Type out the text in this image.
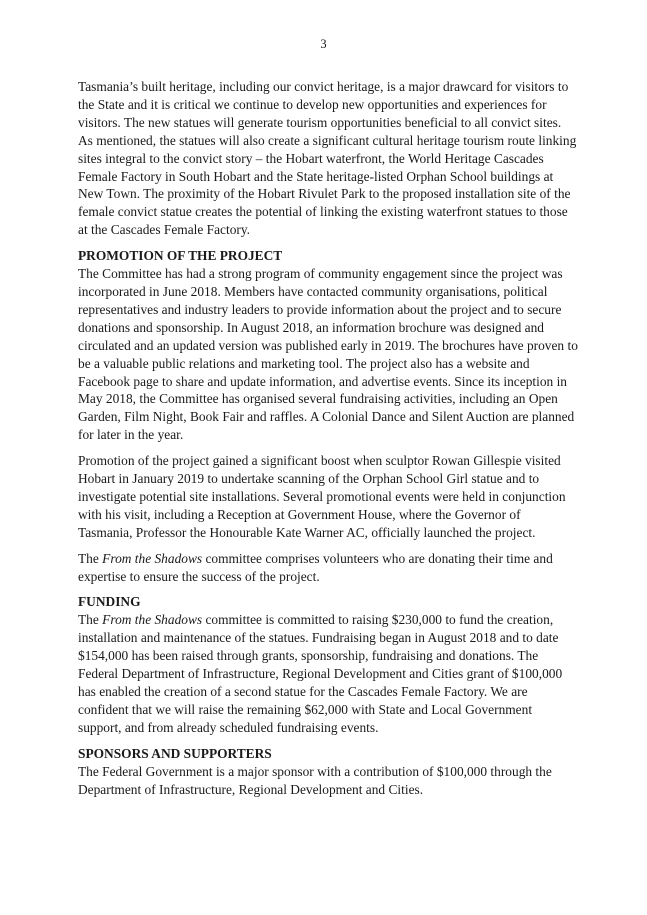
3

Tasmania’s built heritage, including our convict heritage, is a major drawcard for visitors to the State and it is critical we continue to develop new opportunities and experiences for visitors. The new statues will generate tourism opportunities beneficial to all convict sites. As mentioned, the statues will also create a significant cultural heritage tourism route linking sites integral to the convict story – the Hobart waterfront, the World Heritage Cascades Female Factory in South Hobart and the State heritage-listed Orphan School buildings at New Town. The proximity of the Hobart Rivulet Park to the proposed installation site of the female convict statue creates the potential of linking the existing waterfront statues to those at the Cascades Female Factory.

PROMOTION OF THE PROJECT

The Committee has had a strong program of community engagement since the project was incorporated in June 2018. Members have contacted community organisations, political representatives and industry leaders to provide information about the project and to secure donations and sponsorship. In August 2018, an information brochure was designed and circulated and an updated version was published early in 2019. The brochures have proven to be a valuable public relations and marketing tool. The project also has a website and Facebook page to share and update information, and advertise events. Since its inception in May 2018, the Committee has organised several fundraising activities, including an Open Garden, Film Night, Book Fair and raffles. A Colonial Dance and Silent Auction are planned for later in the year.

Promotion of the project gained a significant boost when sculptor Rowan Gillespie visited Hobart in January 2019 to undertake scanning of the Orphan School Girl statue and to investigate potential site installations. Several promotional events were held in conjunction with his visit, including a Reception at Government House, where the Governor of Tasmania, Professor the Honourable Kate Warner AC, officially launched the project.

The From the Shadows committee comprises volunteers who are donating their time and expertise to ensure the success of the project.

FUNDING

The From the Shadows committee is committed to raising $230,000 to fund the creation, installation and maintenance of the statues. Fundraising began in August 2018 and to date $154,000 has been raised through grants, sponsorship, fundraising and donations. The Federal Department of Infrastructure, Regional Development and Cities grant of $100,000 has enabled the creation of a second statue for the Cascades Female Factory. We are confident that we will raise the remaining $62,000 with State and Local Government support, and from already scheduled fundraising events.

SPONSORS AND SUPPORTERS

The Federal Government is a major sponsor with a contribution of $100,000 through the Department of Infrastructure, Regional Development and Cities.
